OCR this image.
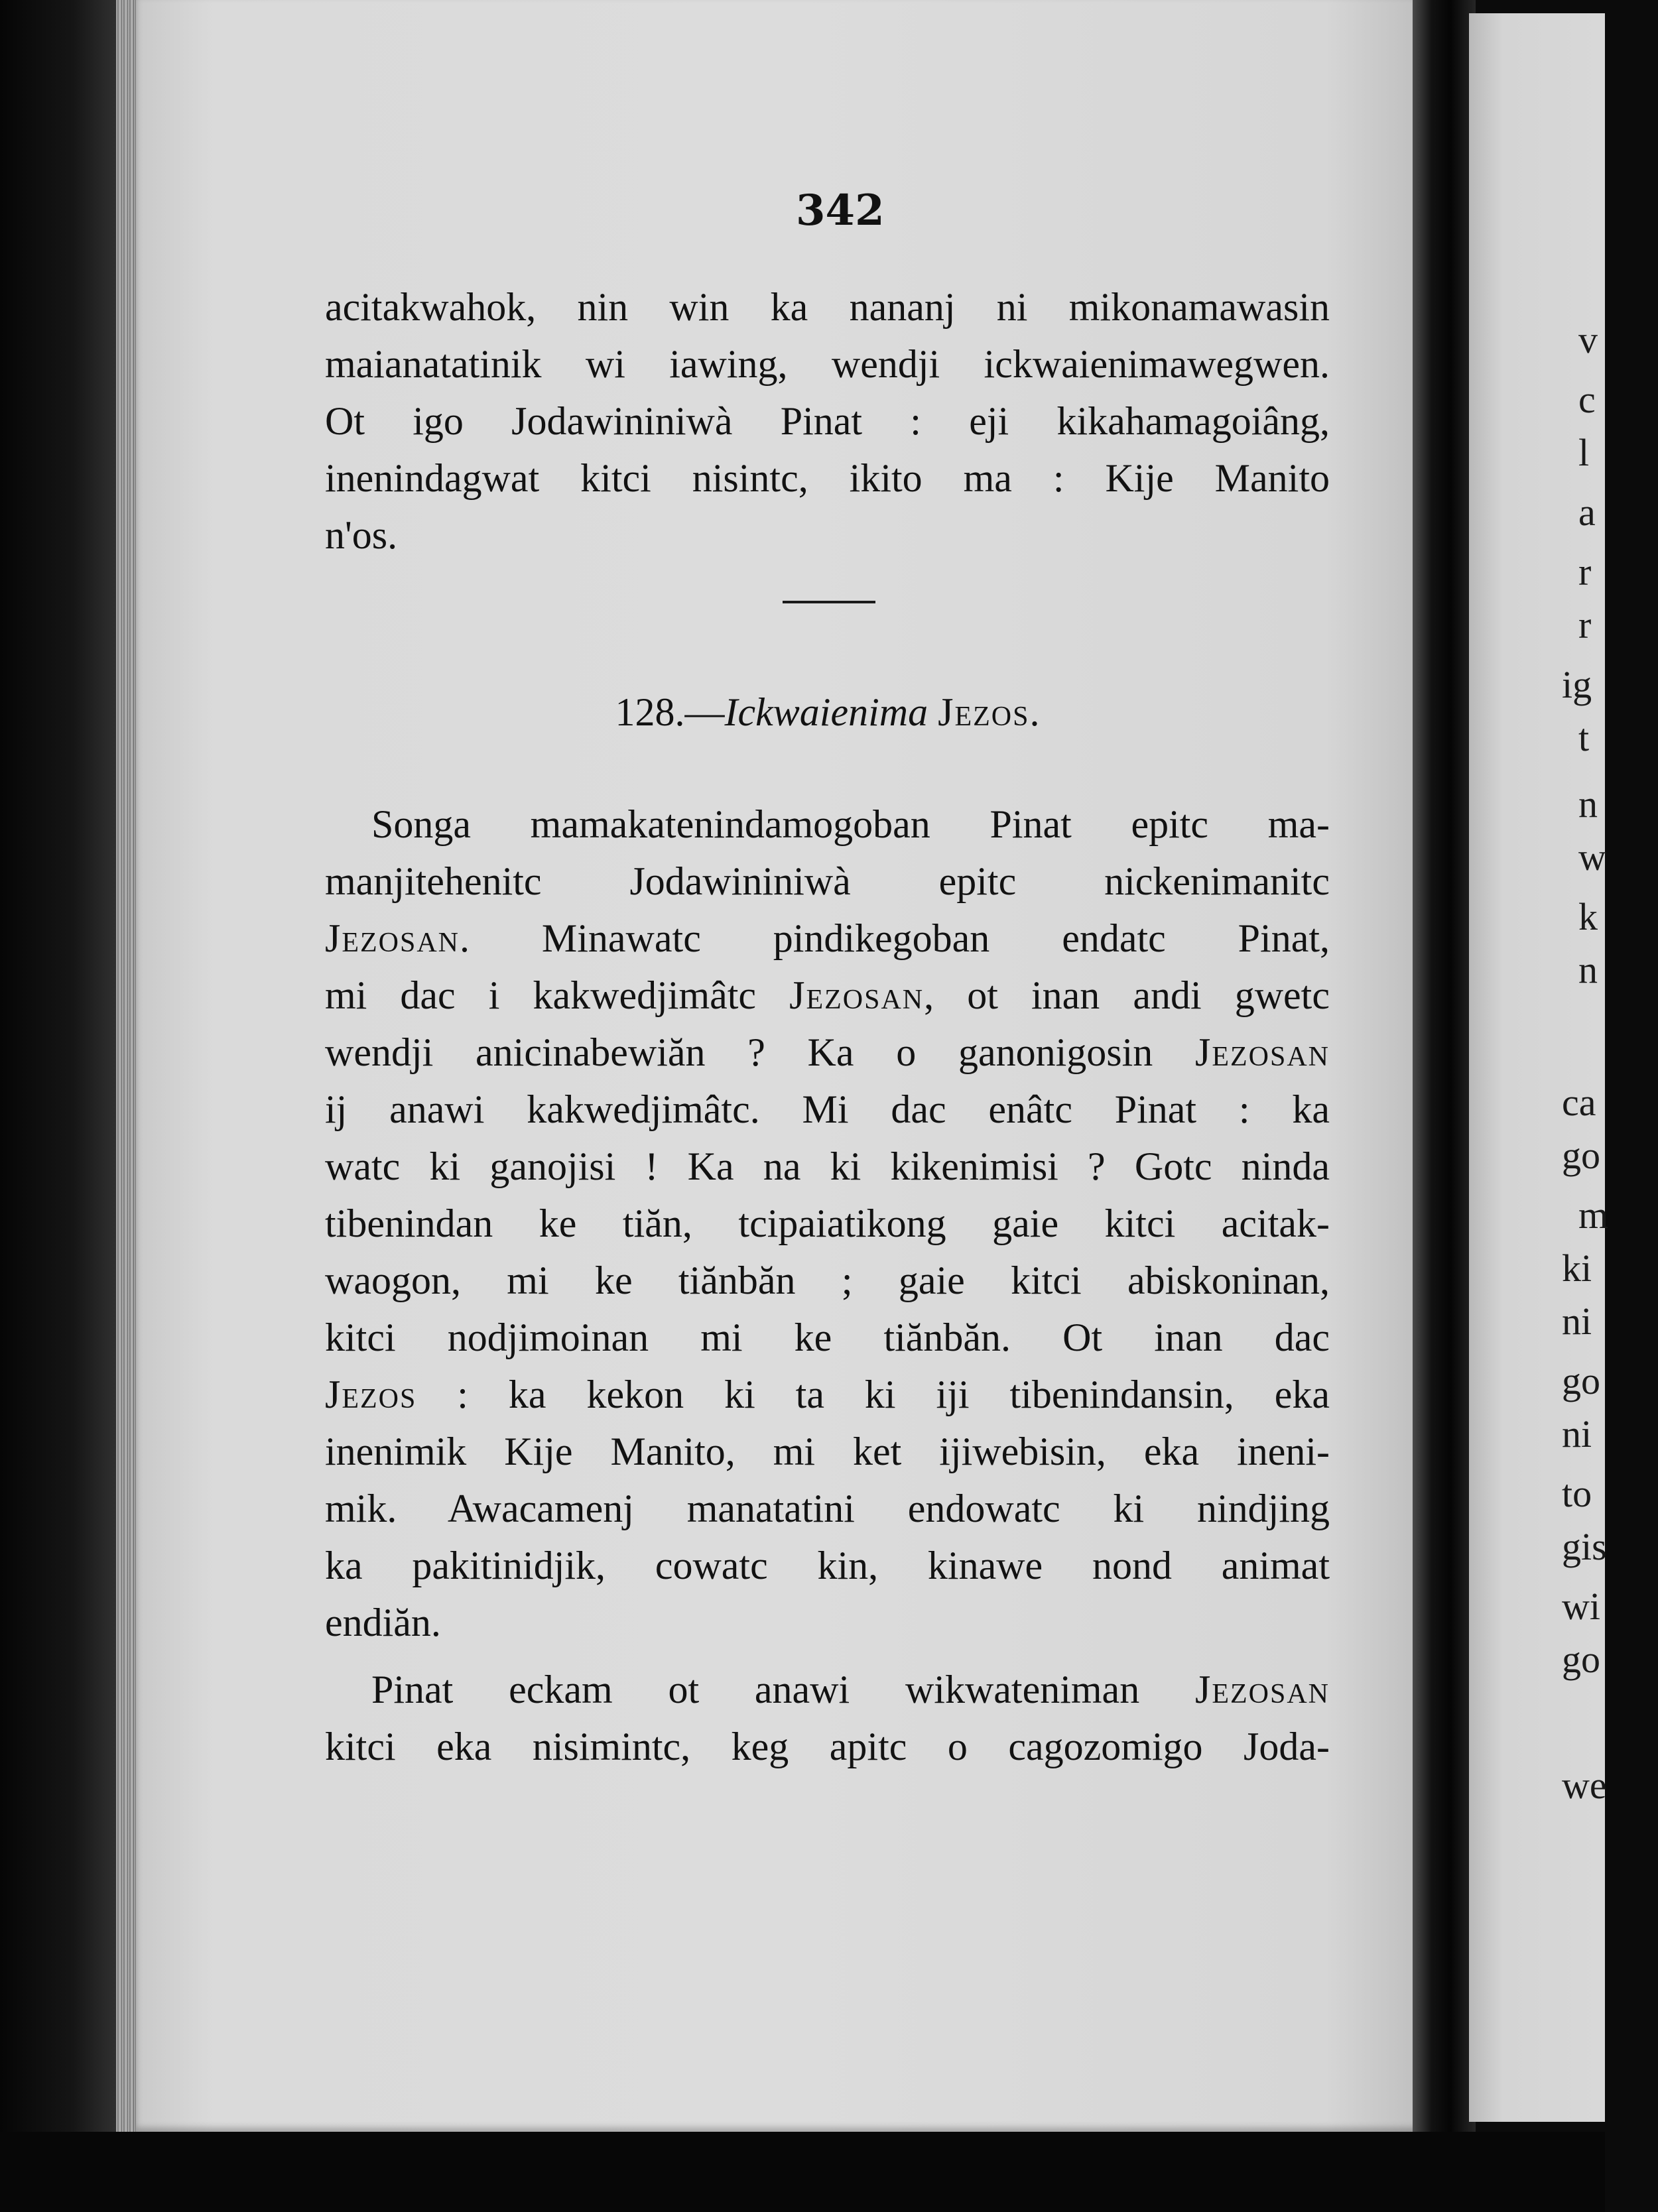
342
acitakwahok, nin win ka nananj ni mikonamawasin
maianatatinik wi iawing, wendji ickwaienimawegwen.
Ot igo Jodawininiwà Pinat : eji kikahamagoiâng,
inenindagwat kitci nisintc, ikito ma : Kije Manito
n'os.
128.—Ickwaienima Jezos.
Songa mamakatenindamogoban Pinat epitc ma-
manjitehenitc Jodawininiwà epitc nickenimanitc
Jezosan. Minawatc pindikegoban endatc Pinat,
mi dac i kakwedjimâtc Jezosan, ot inan andi gwetc
wendji anicinabewiăn ? Ka o ganonigosin Jezosan
ij anawi kakwedjimâtc. Mi dac enâtc Pinat : ka
watc ki ganojisi ! Ka na ki kikenimisi ? Gotc ninda
tibenindan ke tiăn, tcipaiatikong gaie kitci acitak-
waogon, mi ke tiănbăn ; gaie kitci abiskoninan,
kitci nodjimoinan mi ke tiănbăn. Ot inan dac
Jezos : ka kekon ki ta ki iji tibenindansin, eka
inenimik Kije Manito, mi ket ijiwebisin, eka ineni-
mik. Awacamenj manatatini endowatc ki nindjing
ka pakitinidjik, cowatc kin, kinawe nond animat
endiăn.
Pinat eckam ot anawi wikwateniman Jezosan
kitci eka nisimintc, keg apitc o cagozomigo Joda-
v
c
l
a
r
r
ig
t
n
w
k
n
ca
go
m
ki
ni
go
ni
to
gis
wi
go
we
